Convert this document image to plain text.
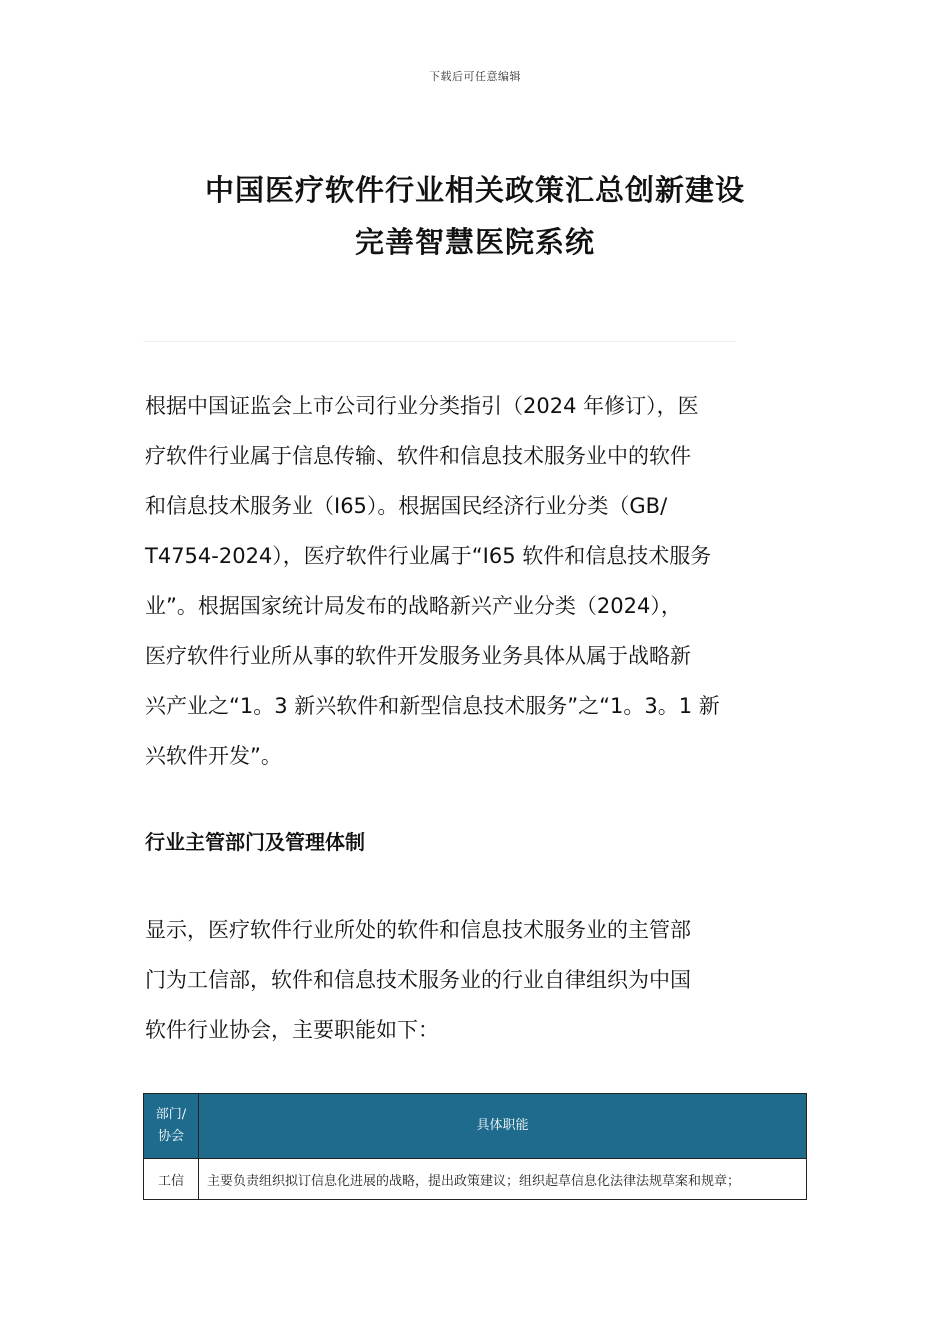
下载后可任意编辑
中国医疗软件行业相关政策汇总创新建设
完善智慧医院系统

根据中国证监会上市公司行业分类指引（2024 年修订），医
疗软件行业属于信息传输、软件和信息技术服务业中的软件
和信息技术服务业（I65）。根据国民经济行业分类（GB/
T4754-2024），医疗软件行业属于“I65 软件和信息技术服务
业”。根据国家统计局发布的战略新兴产业分类（2024），
医疗软件行业所从事的软件开发服务业务具体从属于战略新
兴产业之“1。3 新兴软件和新型信息技术服务”之“1。3。1 新
兴软件开发”。

行业主管部门及管理体制

显示，医疗软件行业所处的软件和信息技术服务业的主管部
门为工信部，软件和信息技术服务业的行业自律组织为中国
软件行业协会，主要职能如下：

部门/
协会	具体职能
工信	主要负责组织拟订信息化进展的战略，提出政策建议；组织起草信息化法律法规草案和规章；
